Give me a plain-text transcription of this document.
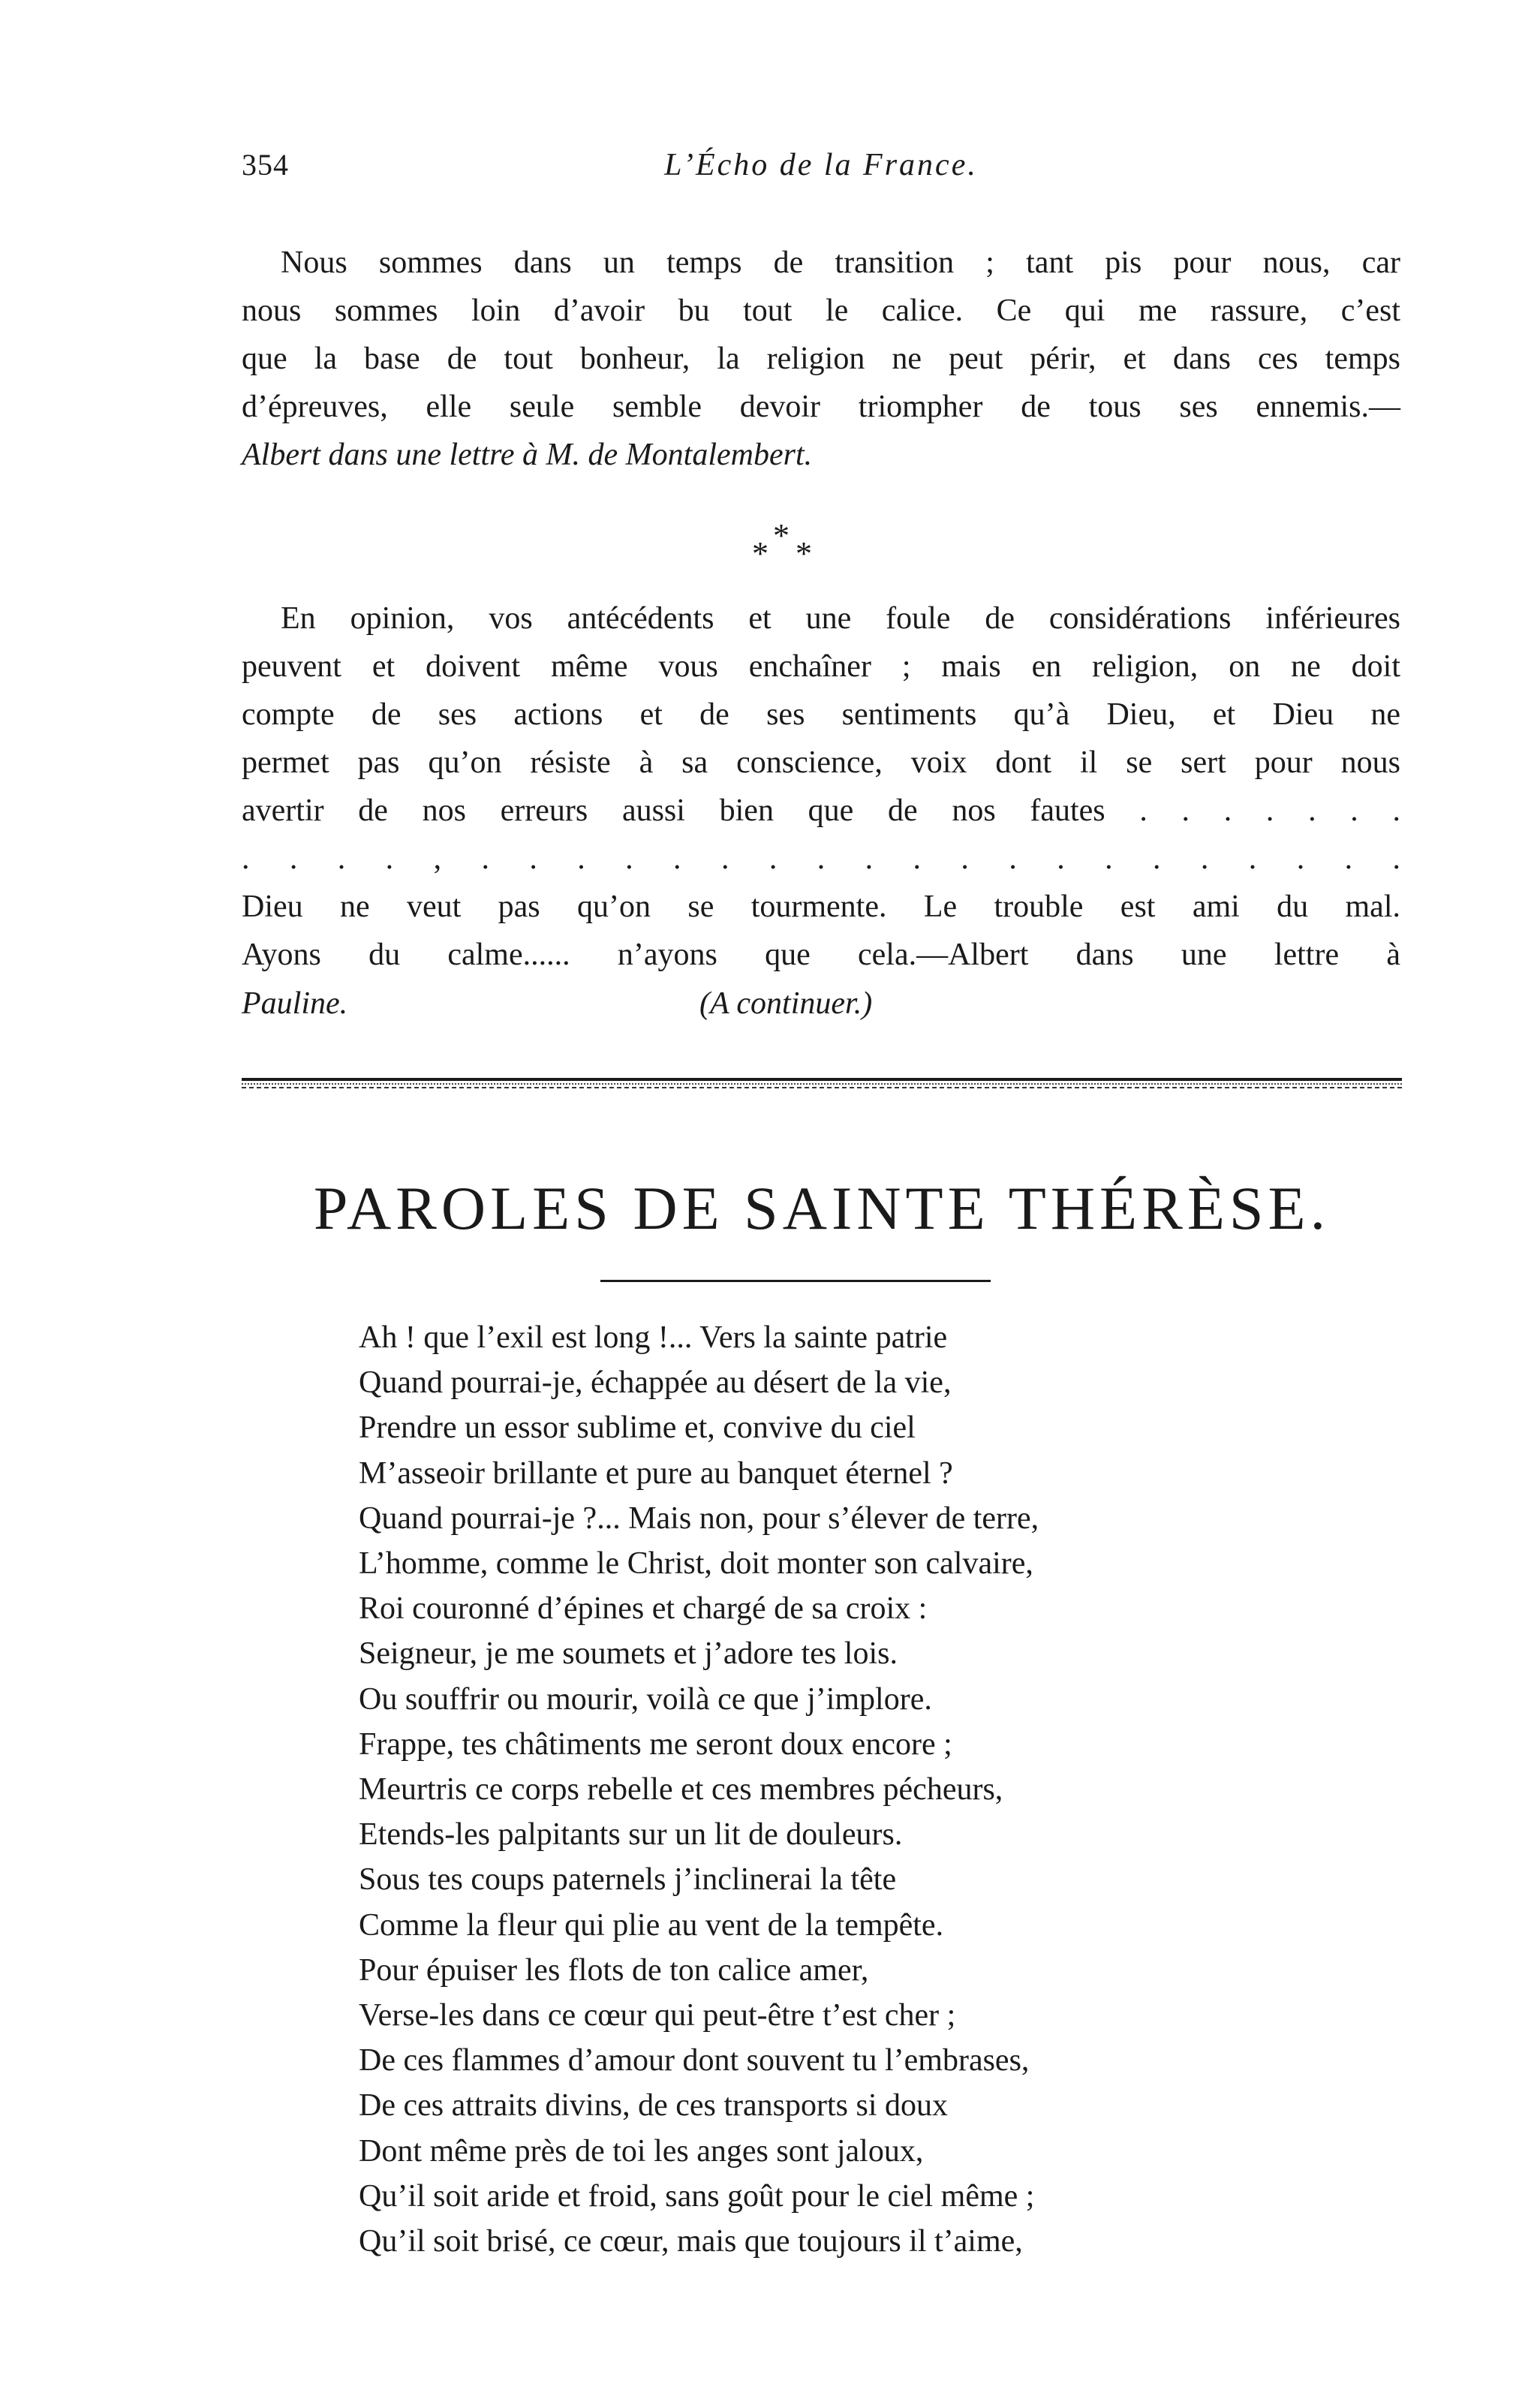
354	L’Écho de la France.
Nous sommes dans un temps de transition ; tant pis pour nous, car
nous sommes loin d’avoir bu tout le calice. Ce qui me rassure, c’est
que la base de tout bonheur, la religion ne peut périr, et dans ces temps
d’épreuves, elle seule semble devoir triompher de tous ses ennemis.—
Albert dans une lettre à M. de Montalembert.
*
* *
En opinion, vos antécédents et une foule de considérations inférieures
peuvent et doivent même vous enchaîner ; mais en religion, on ne doit
compte de ses actions et de ses sentiments qu’à Dieu, et Dieu ne
permet pas qu’on résiste à sa conscience, voix dont il se sert pour nous
avertir de nos erreurs aussi bien que de nos fautes . . . . . . .
. . . . , . . . . . . . . . . . . . . . . . . . .
Dieu ne veut pas qu’on se tourmente. Le trouble est ami du mal.
Ayons du calme...... n’ayons que cela.—Albert dans une lettre à
Pauline.	(A continuer.)
PAROLES DE SAINTE THÉRÈSE.
Ah ! que l’exil est long !... Vers la sainte patrie
Quand pourrai-je, échappée au désert de la vie,
Prendre un essor sublime et, convive du ciel
M’asseoir brillante et pure au banquet éternel ?
Quand pourrai-je ?... Mais non, pour s’élever de terre,
L’homme, comme le Christ, doit monter son calvaire,
Roi couronné d’épines et chargé de sa croix :
Seigneur, je me soumets et j’adore tes lois.
Ou souffrir ou mourir, voilà ce que j’implore.
Frappe, tes châtiments me seront doux encore ;
Meurtris ce corps rebelle et ces membres pécheurs,
Etends-les palpitants sur un lit de douleurs.
Sous tes coups paternels j’inclinerai la tête
Comme la fleur qui plie au vent de la tempête.
Pour épuiser les flots de ton calice amer,
Verse-les dans ce cœur qui peut-être t’est cher ;
De ces flammes d’amour dont souvent tu l’embrases,
De ces attraits divins, de ces transports si doux
Dont même près de toi les anges sont jaloux,
Qu’il soit aride et froid, sans goût pour le ciel même ;
Qu’il soit brisé, ce cœur, mais que toujours il t’aime,
